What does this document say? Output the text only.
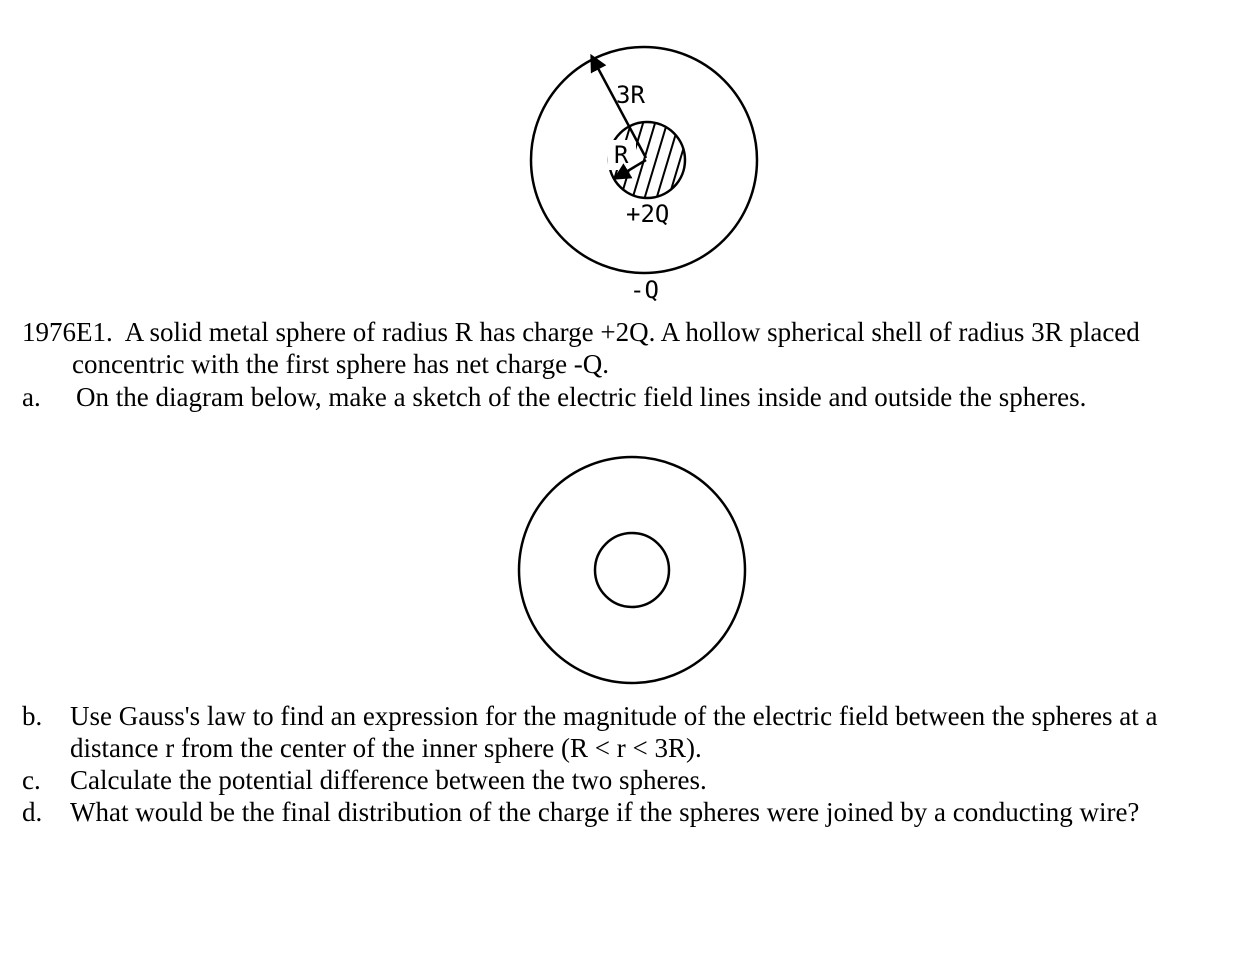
3R
R
+2Q
-Q
1976E1. A solid metal sphere of radius R has charge +2Q. A hollow spherical shell of radius 3R placed
concentric with the first sphere has net charge -Q.
a. On the diagram below, make a sketch of the electric field lines inside and outside the spheres.
b. Use Gauss's law to find an expression for the magnitude of the electric field between the spheres at a
distance r from the center of the inner sphere (R < r < 3R).
c. Calculate the potential difference between the two spheres.
d. What would be the final distribution of the charge if the spheres were joined by a conducting wire?
